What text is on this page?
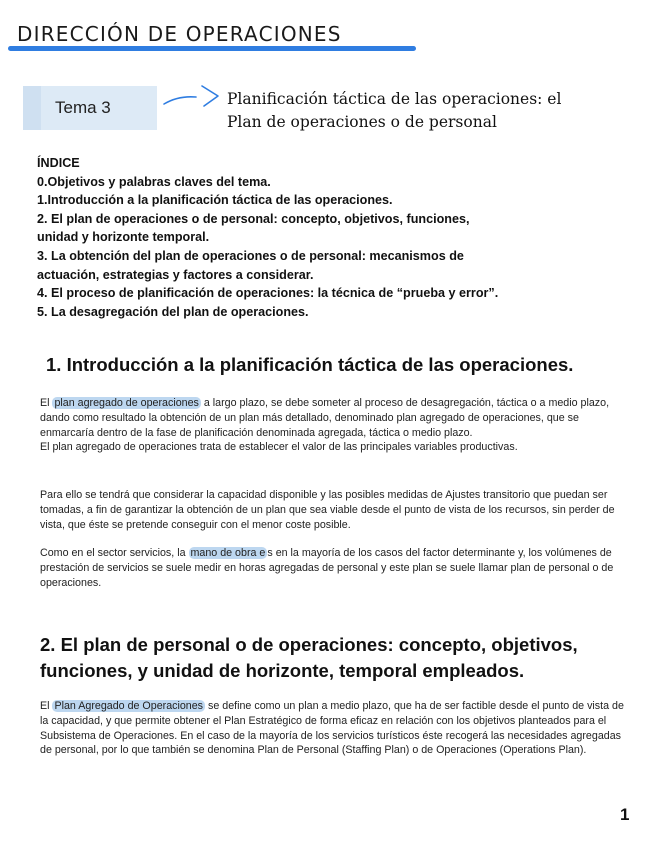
DIRECCIÓN DE OPERACIONES
Tema 3	Planificación táctica de las operaciones: el
Plan de operaciones o de personal
ÍNDICE
0.Objetivos y palabras claves del tema.
1.Introducción a la planificación táctica de las operaciones.
2. El plan de operaciones o de personal: concepto, objetivos, funciones,
unidad y horizonte temporal.
3. La obtención del plan de operaciones o de personal: mecanismos de
actuación, estrategias y factores a considerar.
4. El proceso de planificación de operaciones: la técnica de “prueba y error”.
5. La desagregación del plan de operaciones.
1. Introducción a la planificación táctica de las operaciones.
El plan agregado de operaciones a largo plazo, se debe someter al proceso de desagregación, táctica o a medio plazo, dando como resultado la obtención de un plan más detallado, denominado plan agregado de operaciones, que se enmarcaría dentro de la fase de planificación denominada agregada, táctica o medio plazo.
El plan agregado de operaciones trata de establecer el valor de las principales variables productivas.
Para ello se tendrá que considerar la capacidad disponible y las posibles medidas de Ajustes transitorio que puedan ser tomadas, a fin de garantizar la obtención de un plan que sea viable desde el punto de vista de los recursos, sin perder de vista, que éste se pretende conseguir con el menor coste posible.
Como en el sector servicios, la mano de obra e s en la mayoría de los casos del factor determinante y, los volúmenes de prestación de servicios se suele medir en horas agregadas de personal y este plan se suele llamar plan de personal o de operaciones.
2. El plan de personal o de operaciones: concepto, objetivos, funciones, y unidad de horizonte, temporal empleados.
El Plan Agregado de Operaciones se define como un plan a medio plazo, que ha de ser factible desde el punto de vista de la capacidad, y que permite obtener el Plan Estratégico de forma eficaz en relación con los objetivos planteados para el Subsistema de Operaciones. En el caso de la mayoría de los servicios turísticos éste recogerá las necesidades agregadas de personal, por lo que también se denomina Plan de Personal (Staffing Plan) o de Operaciones (Operations Plan).
1
